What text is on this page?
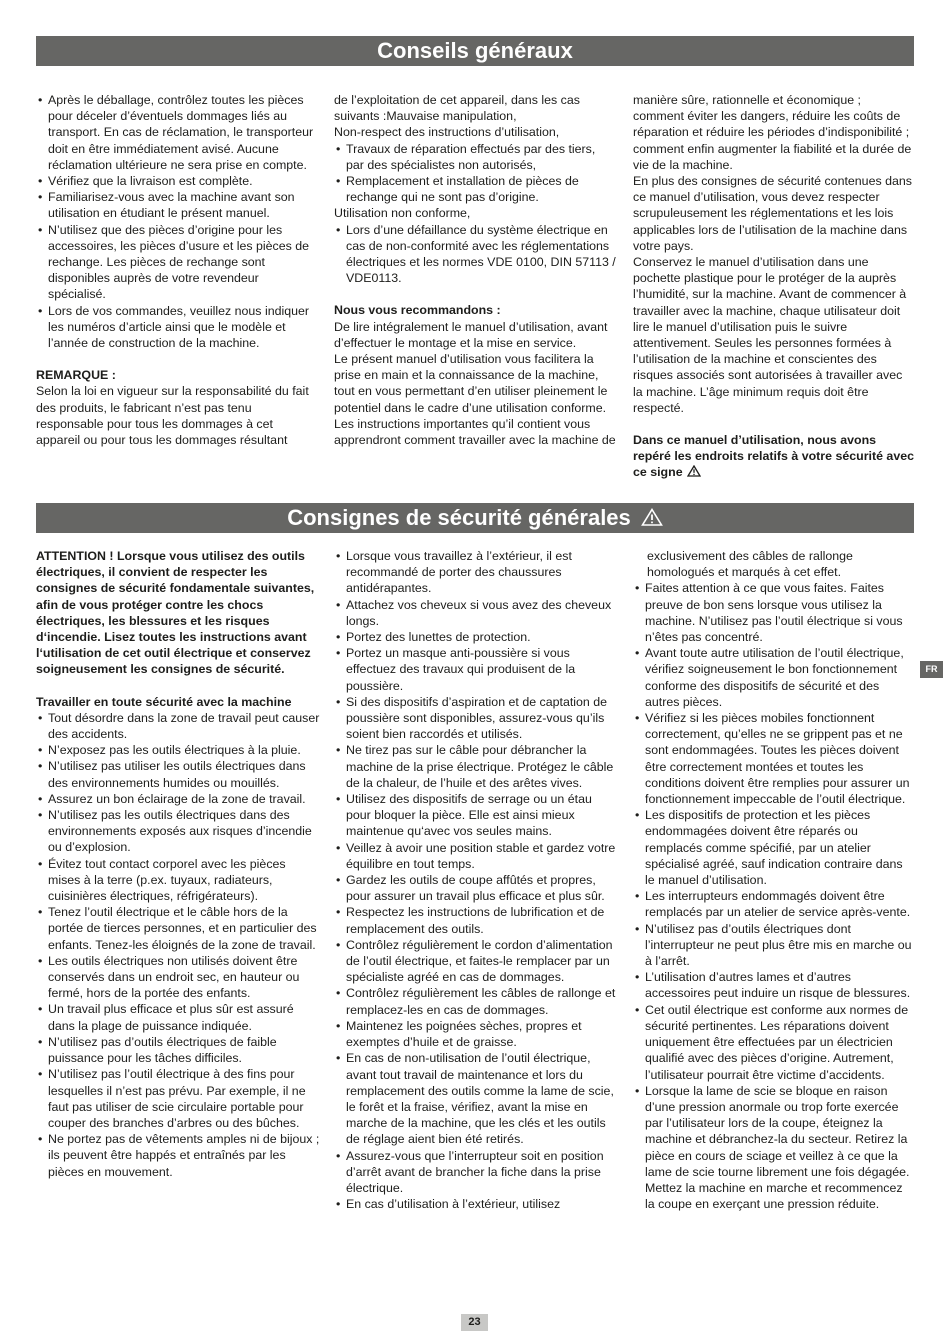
Conseils généraux
• Après le déballage, contrôlez toutes les pièces pour déceler d’éventuels dommages liés au transport. En cas de réclamation, le transporteur doit en être immédiatement avisé. Aucune réclamation ultérieure ne sera prise en compte.
• Vérifiez que la livraison est complète.
• Familiarisez-vous avec la machine avant son utilisation en étudiant le présent manuel.
• N’utilisez que des pièces d’origine pour les accessoires, les pièces d’usure et les pièces de rechange. Les pièces de rechange sont disponibles auprès de votre revendeur spécialisé.
• Lors de vos commandes, veuillez nous indiquer les numéros d’article ainsi que le modèle et l’année de construction de la machine.

REMARQUE :

Selon la loi en vigueur sur la responsabilité du fait des produits, le fabricant n’est pas tenu responsable pour tous les dommages à cet appareil ou pour tous les dommages résultant

de l’exploitation de cet appareil, dans les cas suivants :Mauvaise manipulation,

Non-respect des instructions d’utilisation,

• Travaux de réparation effectués par des tiers, par des spécialistes non autorisés,
• Remplacement et installation de pièces de rechange qui ne sont pas d’origine.

Utilisation non conforme,

• Lors d’une défaillance du système électrique en cas de non-conformité avec les réglementations électriques et les normes VDE 0100, DIN 57113 / VDE0113.

Nous vous recommandons :

De lire intégralement le manuel d’utilisation, avant d’effectuer le montage et la mise en service.

Le présent manuel d’utilisation vous facilitera la prise en main et la connaissance de la machine, tout en vous permettant d’en utiliser pleinement le potentiel dans le cadre d’une utilisation conforme. Les instructions importantes qu’il contient vous apprendront comment travailler avec la machine de

manière sûre, rationnelle et économique ; comment éviter les dangers, réduire les coûts de réparation et réduire les périodes d’indisponibilité ; comment enfin augmenter la fiabilité et la durée de vie de la machine.

En plus des consignes de sécurité contenues dans ce manuel d’utilisation, vous devez respecter scrupuleusement les réglementations et les lois applicables lors de l’utilisation de la machine dans votre pays.

Conservez le manuel d’utilisation dans une pochette plastique pour le protéger de la auprès l’humidité, sur la machine. Avant de commencer à travailler avec la machine, chaque utilisateur doit lire le manuel d’utilisation puis le suivre attentivement. Seules les personnes formées à l’utilisation de la machine et conscientes des risques associés sont autorisées à travailler avec la machine. L’âge minimum requis doit être respecté.

Dans ce manuel d’utilisation, nous avons repéré les endroits relatifs à votre sécurité avec ce signe

Consignes de sécurité générales

ATTENTION ! Lorsque vous utilisez des outils électriques, il convient de respecter les consignes de sécurité fondamentale suivantes, afin de vous protéger contre les chocs électriques, les blessures et les risques d‘incendie. Lisez toutes les instructions avant l‘utilisation de cet outil électrique et conservez soigneusement les consignes de sécurité.

Travailler en toute sécurité avec la machine

• Tout désordre dans la zone de travail peut causer des accidents.
• N’exposez pas les outils électriques à la pluie.
• N’utilisez pas utiliser les outils électriques dans des environnements humides ou mouillés.
• Assurez un bon éclairage de la zone de travail.
• N’utilisez pas les outils électriques dans des environnements exposés aux risques d’incendie ou d’explosion.
• Évitez tout contact corporel avec les pièces mises à la terre (p.ex. tuyaux, radiateurs, cuisinières électriques, réfrigérateurs).
• Tenez l’outil électrique et le câble hors de la portée de tierces personnes, et en particulier des enfants. Tenez-les éloignés de la zone de travail.
• Les outils électriques non utilisés doivent être conservés dans un endroit sec, en hauteur ou fermé, hors de la portée des enfants.
• Un travail plus efficace et plus sûr est assuré dans la plage de puissance indiquée.
• N’utilisez pas d’outils électriques de faible puissance pour les tâches difficiles.
• N’utilisez pas l’outil électrique à des fins pour lesquelles il n’est pas prévu. Par exemple, il ne faut pas utiliser de scie circulaire portable pour couper des branches d’arbres ou des bûches.
• Ne portez pas de vêtements amples ni de bijoux ; ils peuvent être happés et entraînés par les pièces en mouvement.
• Lorsque vous travaillez à l’extérieur, il est recommandé de porter des chaussures antidérapantes.
• Attachez vos cheveux si vous avez des cheveux longs.
• Portez des lunettes de protection.
• Portez un masque anti-poussière si vous effectuez des travaux qui produisent de la poussière.
• Si des dispositifs d’aspiration et de captation de poussière sont disponibles, assurez-vous qu’ils soient bien raccordés et utilisés.
• Ne tirez pas sur le câble pour débrancher la machine de la prise électrique. Protégez le câble de la chaleur, de l’huile et des arêtes vives.
• Utilisez des dispositifs de serrage ou un étau pour bloquer la pièce. Elle est ainsi mieux maintenue qu‘avec vos seules mains.
• Veillez à avoir une position stable et gardez votre équilibre en tout temps.
• Gardez les outils de coupe affûtés et propres, pour assurer un travail plus efficace et plus sûr.
• Respectez les instructions de lubrification et de remplacement des outils.
• Contrôlez régulièrement le cordon d’alimentation de l’outil électrique, et faites-le remplacer par un spécialiste agréé en cas de dommages.
• Contrôlez régulièrement les câbles de rallonge et remplacez-les en cas de dommages.
• Maintenez les poignées sèches, propres et exemptes d’huile et de graisse.
• En cas de non-utilisation de l’outil électrique, avant tout travail de maintenance et lors du remplacement des outils comme la lame de scie, le forêt et la fraise, vérifiez, avant la mise en marche de la machine, que les clés et les outils de réglage aient bien été retirés.
• Assurez-vous que l’interrupteur soit en position d’arrêt avant de brancher la fiche dans la prise électrique.
• En cas d’utilisation à l’extérieur, utilisez

exclusivement des câbles de rallonge homologués et marqués à cet effet.

• Faites attention à ce que vous faites. Faites preuve de bon sens lorsque vous utilisez la machine. N’utilisez pas l’outil électrique si vous n’êtes pas concentré.
• Avant toute autre utilisation de l’outil électrique, vérifiez soigneusement le bon fonctionnement conforme des dispositifs de sécurité et des autres pièces.
• Vérifiez si les pièces mobiles fonctionnent correctement, qu’elles ne se grippent pas et ne sont endommagées. Toutes les pièces doivent être correctement montées et toutes les conditions doivent être remplies pour assurer un fonctionnement impeccable de l’outil électrique.
• Les dispositifs de protection et les pièces endommagées doivent être réparés ou remplacés comme spécifié, par un atelier spécialisé agréé, sauf indication contraire dans le manuel d’utilisation.
• Les interrupteurs endommagés doivent être remplacés par un atelier de service après-vente.
• N’utilisez pas d’outils électriques dont l’interrupteur ne peut plus être mis en marche ou à l’arrêt.
• L’utilisation d’autres lames et d’autres accessoires peut induire un risque de blessures.
• Cet outil électrique est conforme aux normes de sécurité pertinentes. Les réparations doivent uniquement être effectuées par un électricien qualifié avec des pièces d’origine. Autrement, l’utilisateur pourrait être victime d’accidents.
• Lorsque la lame de scie se bloque en raison d’une pression anormale ou trop forte exercée par l’utilisateur lors de la coupe, éteignez la machine et débranchez-la du secteur. Retirez la pièce en cours de sciage et veillez à ce que la lame de scie tourne librement une fois dégagée. Mettez la machine en marche et recommencez la coupe en exerçant une pression réduite.
FR
23
